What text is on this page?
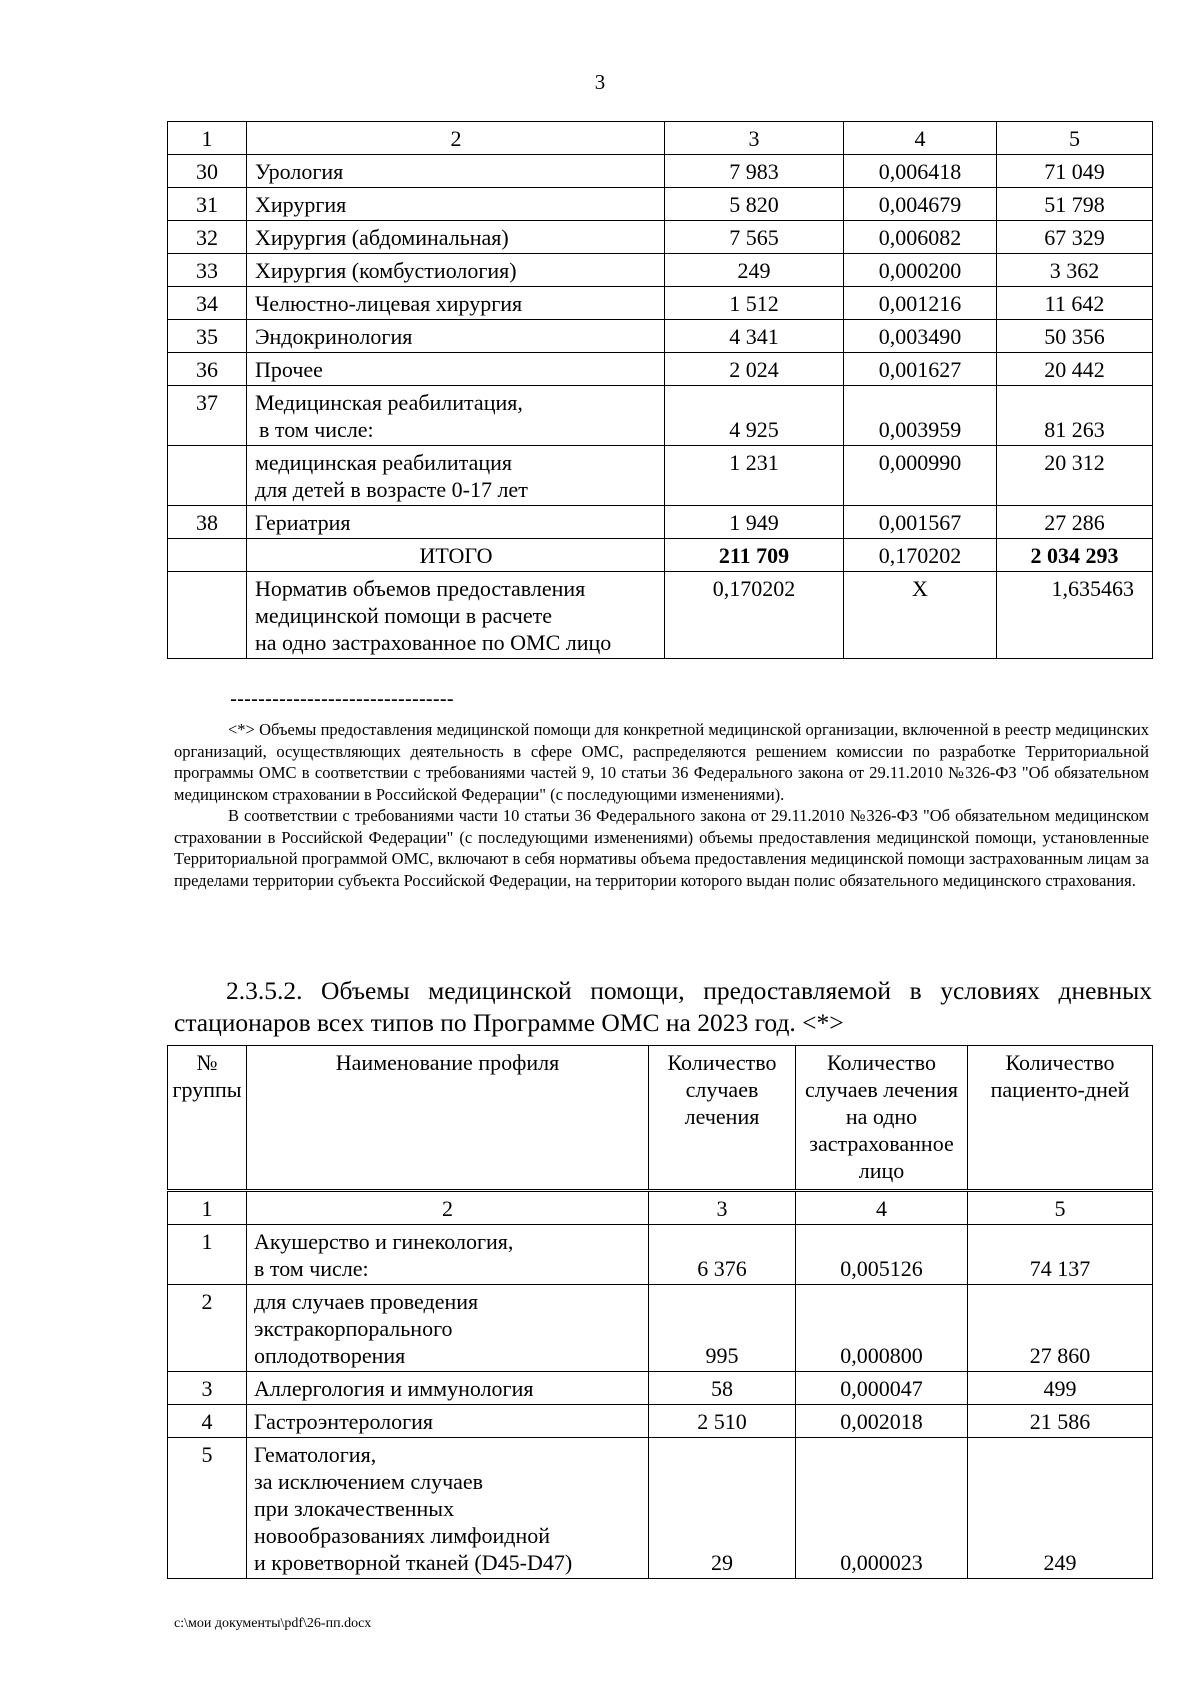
3
1	2	3	4	5
30	Урология	7 983	0,006418	71 049
31	Хирургия	5 820	0,004679	51 798
32	Хирургия (абдоминальная)	7 565	0,006082	67 329
33	Хирургия (комбустиология)	249	0,000200	3 362
34	Челюстно-лицевая хирургия	1 512	0,001216	11 642
35	Эндокринология	4 341	0,003490	50 356
36	Прочее	2 024	0,001627	20 442
37	Медицинская реабилитация,
в том числе:	4 925	0,003959	81 263

	медицинская реабилитация
для детей в возрасте 0-17 лет	1 231	0,000990	20 312
38	Гериатрия	1 949	0,001567	27 286
	ИТОГО	211 709	0,170202	2 034 293

	Норматив объемов предоставления
медицинской помощи в расчете
на одно застрахованное по ОМС лицо	0,170202	X	1,635463
--------------------------------

<*> Объемы предоставления медицинской помощи для конкретной медицинской организации, включенной в реестр медицинских организаций, осуществляющих деятельность в сфере ОМС, распределяются решением комиссии по разработке Территориальной программы ОМС в соответствии с требованиями частей 9, 10 статьи 36 Федерального закона от 29.11.2010 №326-ФЗ "Об обязательном медицинском страховании в Российской Федерации" (с последующими изменениями).

В соответствии с требованиями части 10 статьи 36 Федерального закона от 29.11.2010 №326-ФЗ "Об обязательном медицинском страховании в Российской Федерации" (с последующими изменениями) объемы предоставления медицинской помощи, установленные Территориальной программой ОМС, включают в себя нормативы объема предоставления медицинской помощи застрахованным лицам за пределами территории субъекта Российской Федерации, на территории которого выдан полис обязательного медицинского страхования.

2.3.5.2. Объемы медицинской помощи, предоставляемой в условиях дневных стационаров всех типов по Программе ОМС на 2023 год. <*>
№ группы	Наименование профиля	Количество случаев лечения	Количество случаев лечения на одно застрахованное лицо	Количество пациенто-дней
1	2	3	4	5
1	Акушерство и гинекология,
в том числе:	6 376	0,005126	74 137
2	для случаев проведения
экстракорпорального
оплодотворения	995	0,000800	27 860
3	Аллергология и иммунология	58	0,000047	499
4	Гастроэнтерология	2 510	0,002018	21 586
5	Гематология,
за исключением случаев
при злокачественных
новообразованиях лимфоидной
и кроветворной тканей (D45-D47)	29	0,000023	249
c:\мои документы\pdf\26-пп.docx
